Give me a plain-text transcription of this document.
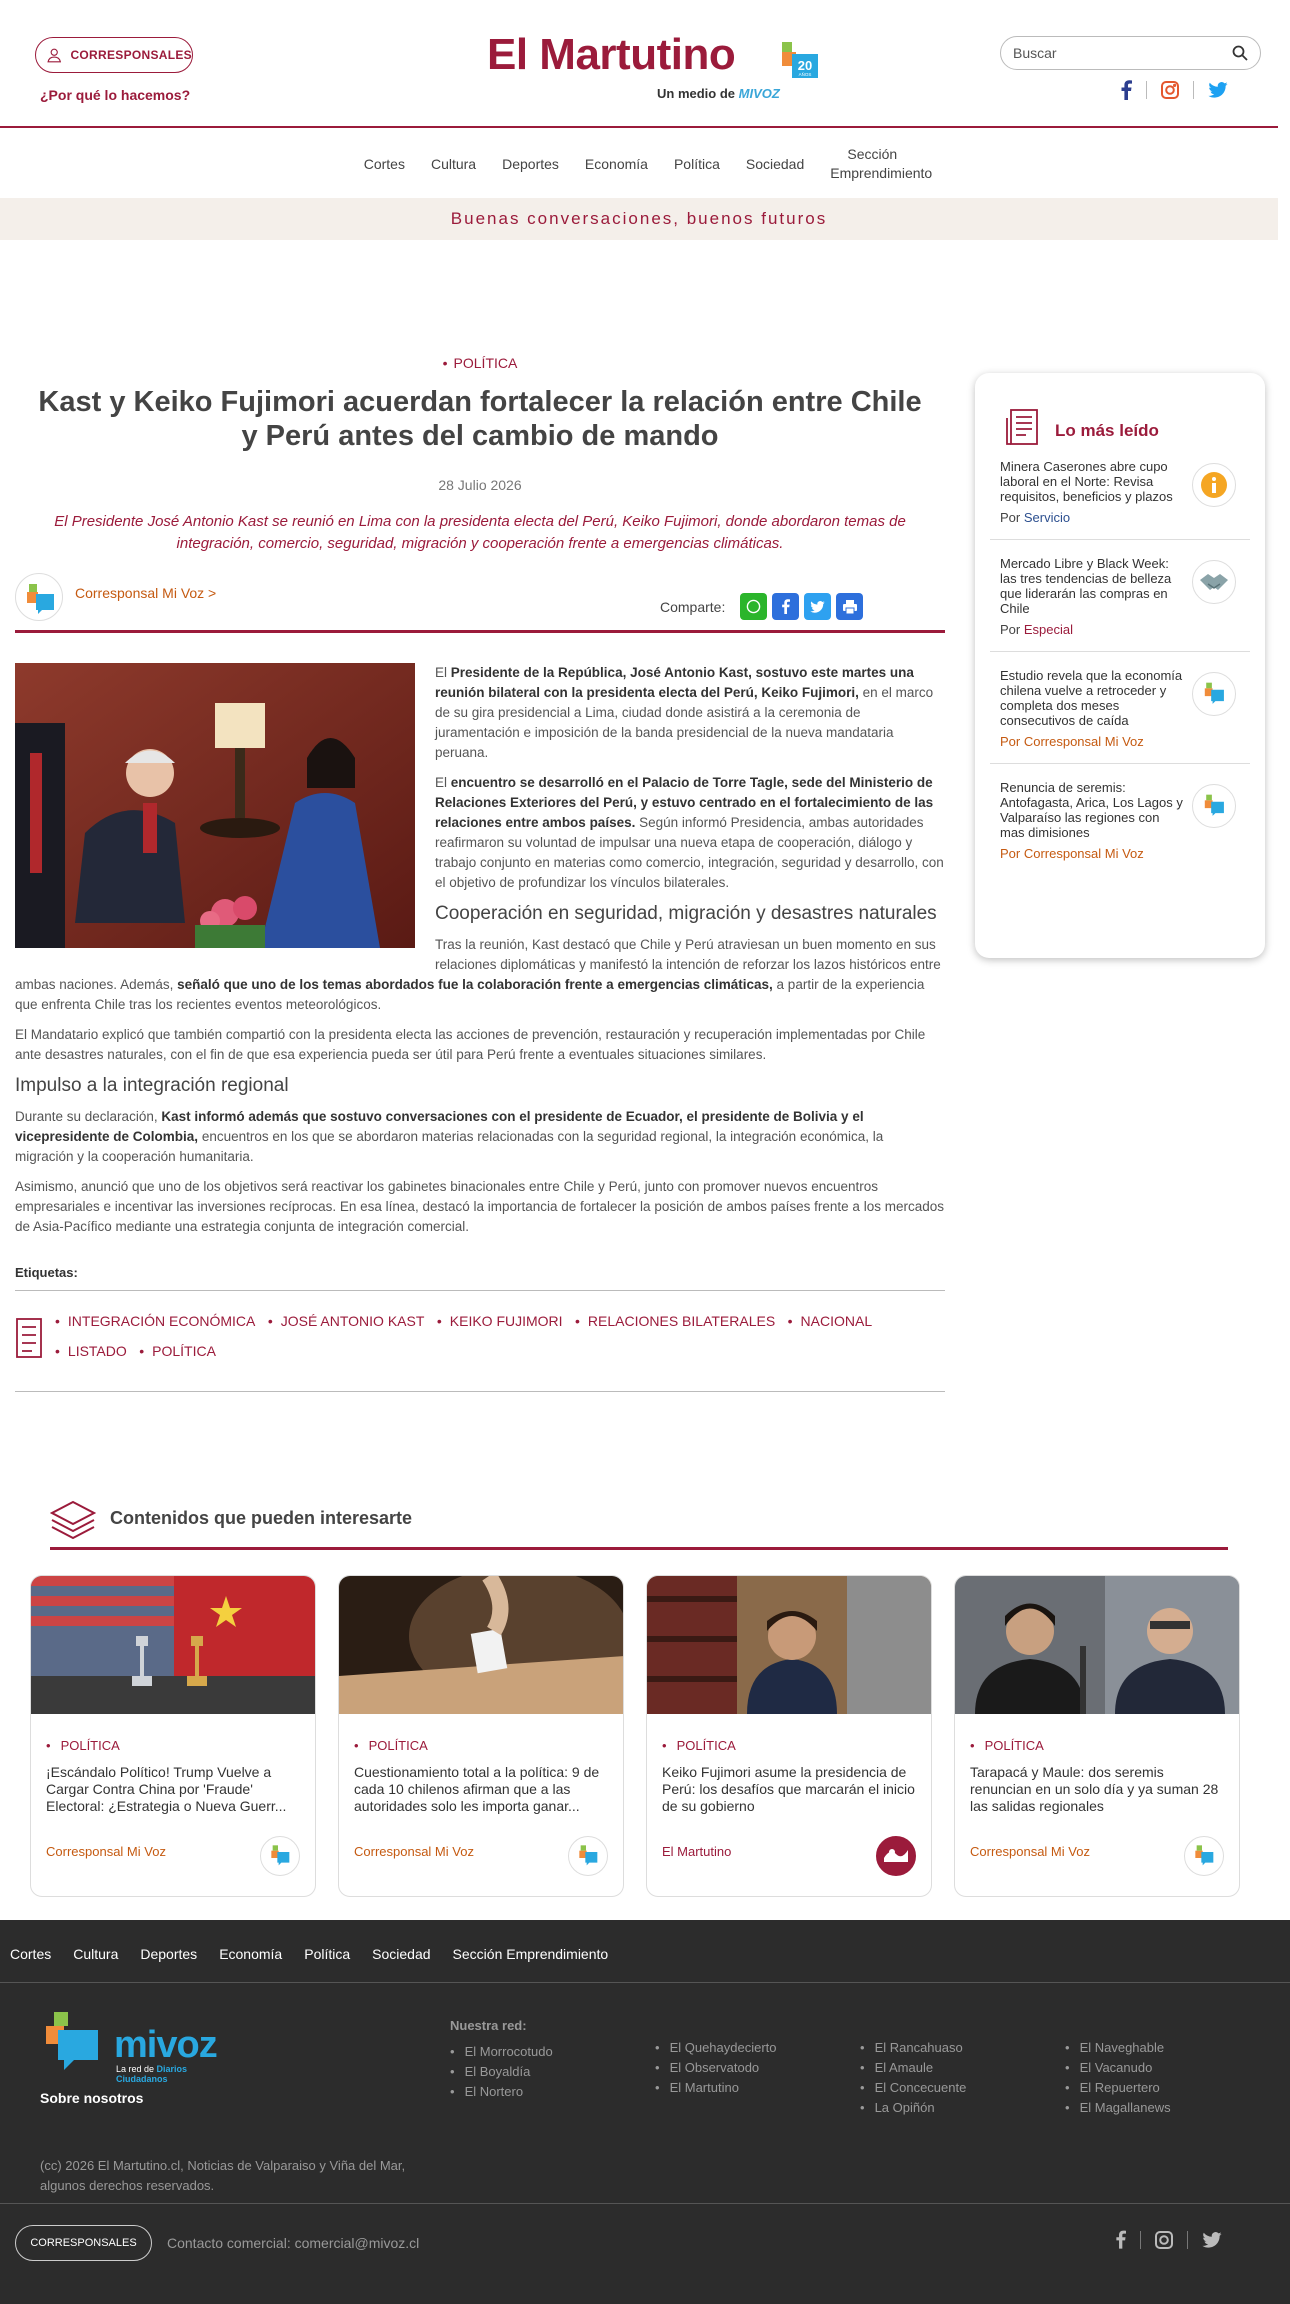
CORRESPONSALES
¿Por qué lo hacemos?
El Martutino
Un medio de MIVOZ
20
AÑOS
Buscar
Cortes	Cultura	Deportes	Economía	Política	Sociedad
Sección Emprendimiento
Buenas conversaciones, buenos futuros
• POLÍTICA
Kast y Keiko Fujimori acuerdan fortalecer la relación entre Chile y Perú antes del cambio de mando
28 Julio 2026
El Presidente José Antonio Kast se reunió en Lima con la presidenta electa del Perú, Keiko Fujimori, donde abordaron temas de integración, comercio, seguridad, migración y cooperación frente a emergencias climáticas.
Corresponsal Mi Voz >
Comparte:

El Presidente de la República, José Antonio Kast, sostuvo este martes una reunión bilateral con la presidenta electa del Perú, Keiko Fujimori, en el marco de su gira presidencial a Lima, ciudad donde asistirá a la ceremonia de juramentación e imposición de la banda presidencial de la nueva mandataria peruana.

El encuentro se desarrolló en el Palacio de Torre Tagle, sede del Ministerio de Relaciones Exteriores del Perú, y estuvo centrado en el fortalecimiento de las relaciones entre ambos países. Según informó Presidencia, ambas autoridades reafirmaron su voluntad de impulsar una nueva etapa de cooperación, diálogo y trabajo conjunto en materias como comercio, integración, seguridad y desarrollo, con el objetivo de profundizar los vínculos bilaterales.

Cooperación en seguridad, migración y desastres naturales

Tras la reunión, Kast destacó que Chile y Perú atraviesan un buen momento en sus relaciones diplomáticas y manifestó la intención de reforzar los lazos históricos entre ambas naciones. Además, señaló que uno de los temas abordados fue la colaboración frente a emergencias climáticas, a partir de la experiencia que enfrenta Chile tras los recientes eventos meteorológicos.

El Mandatario explicó que también compartió con la presidenta electa las acciones de prevención, restauración y recuperación implementadas por Chile ante desastres naturales, con el fin de que esa experiencia pueda ser útil para Perú frente a eventuales situaciones similares.

Impulso a la integración regional

Durante su declaración, Kast informó además que sostuvo conversaciones con el presidente de Ecuador, el presidente de Bolivia y el vicepresidente de Colombia, encuentros en los que se abordaron materias relacionadas con la seguridad regional, la integración económica, la migración y la cooperación humanitaria.

Asimismo, anunció que uno de los objetivos será reactivar los gabinetes binacionales entre Chile y Perú, junto con promover nuevos encuentros empresariales e incentivar las inversiones recíprocas. En esa línea, destacó la importancia de fortalecer la posición de ambos países frente a los mercados de Asia-Pacífico mediante una estrategia conjunta de integración comercial.

Etiquetas:
• INTEGRACIÓN ECONÓMICA • JOSÉ ANTONIO KAST • KEIKO FUJIMORI • RELACIONES BILATERALES • NACIONAL • LISTADO • POLÍTICA
Lo más leído
Minera Caserones abre cupo laboral en el Norte: Revisa requisitos, beneficios y plazos
Por Servicio
Mercado Libre y Black Week: las tres tendencias de belleza que liderarán las compras en Chile
Por Especial
Estudio revela que la economía chilena vuelve a retroceder y completa dos meses consecutivos de caída
Por Corresponsal Mi Voz
Renuncia de seremis: Antofagasta, Arica, Los Lagos y Valparaíso las regiones con mas dimisiones
Por Corresponsal Mi Voz
Contenidos que pueden interesarte
• POLÍTICA
¡Escándalo Político! Trump Vuelve a Cargar Contra China por 'Fraude' Electoral: ¿Estrategia o Nueva Guerr...
Corresponsal Mi Voz
• POLÍTICA
Cuestionamiento total a la política: 9 de cada 10 chilenos afirman que a las autoridades solo les importa ganar...
Corresponsal Mi Voz
• POLÍTICA
Keiko Fujimori asume la presidencia de Perú: los desafíos que marcarán el inicio de su gobierno
El Martutino
• POLÍTICA
Tarapacá y Maule: dos seremis renuncian en un solo día y ya suman 28 las salidas regionales
Corresponsal Mi Voz
Cortes Cultura Deportes Economía Política Sociedad Sección Emprendimiento
mivoz
La red de Diarios Ciudadanos
Sobre nosotros
Nuestra red:
• El Morrocotudo
• El Boyaldía
• El Nortero
• El Quehaydecierto
• El Observatodo
• El Martutino
• El Rancahuaso
• El Amaule
• El Concecuente
• La Opiñón
• El Naveghable
• El Vacanudo
• El Repuertero
• El Magallanews
(cc) 2026 El Martutino.cl, Noticias de Valparaiso y Viña del Mar, algunos derechos reservados.
CORRESPONSALES	Contacto comercial: comercial@mivoz.cl
